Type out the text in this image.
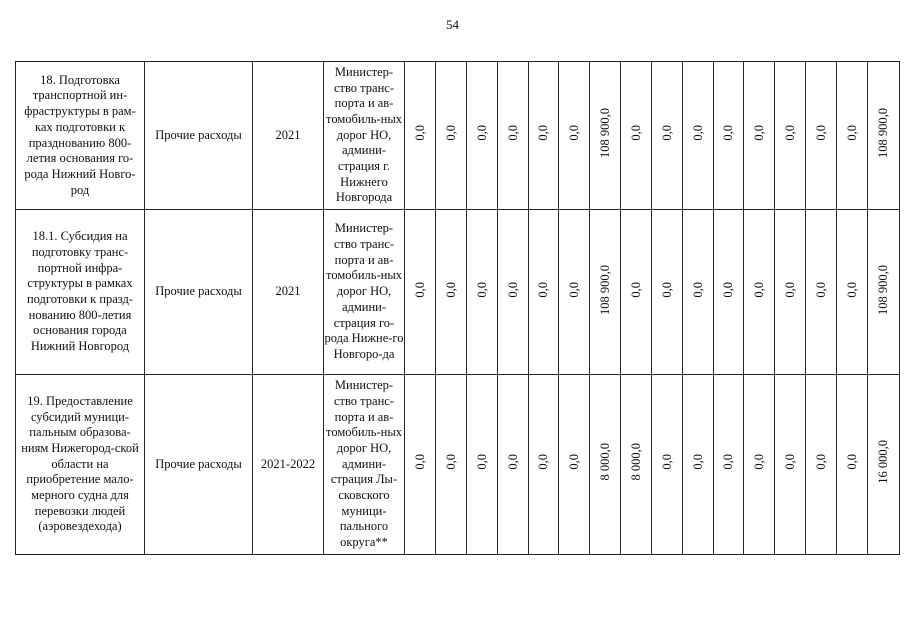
54
18. Подготовка транспортной ин-фраструктуры в рам-ках подготовки к празднованию 800-летия основания го-рода Нижний Новго-род	Прочие расходы	2021	Министер-ство транс-порта и ав-томобиль-ных дорог НО, админи-страция г. Нижнего Новгорода	0,0	0,0	0,0	0,0	0,0	0,0	108 900,0	0,0	0,0	0,0	0,0	0,0	0,0	0,0	0,0	108 900,0
18.1. Субсидия на подготовку транс-портной инфра-структуры в рамках подготовки к празд-нованию 800-летия основания города Нижний Новгород	Прочие расходы	2021	Министер-ство транс-порта и ав-томобиль-ных дорог НО, админи-страция го-рода Нижне-го Новгоро-да	0,0	0,0	0,0	0,0	0,0	0,0	108 900,0	0,0	0,0	0,0	0,0	0,0	0,0	0,0	0,0	108 900,0
19. Предоставление субсидий муници-пальным образова-ниям Нижегород-ской области на приобретение мало-мерного судна для перевозки людей (аэровездехода)	Прочие расходы	2021-2022	Министер-ство транс-порта и ав-томобиль-ных дорог НО, админи-страция Лы-сковского муници-пального округа**	0,0	0,0	0,0	0,0	0,0	0,0	8 000,0	8 000,0	0,0	0,0	0,0	0,0	0,0	0,0	0,0	16 000,0
